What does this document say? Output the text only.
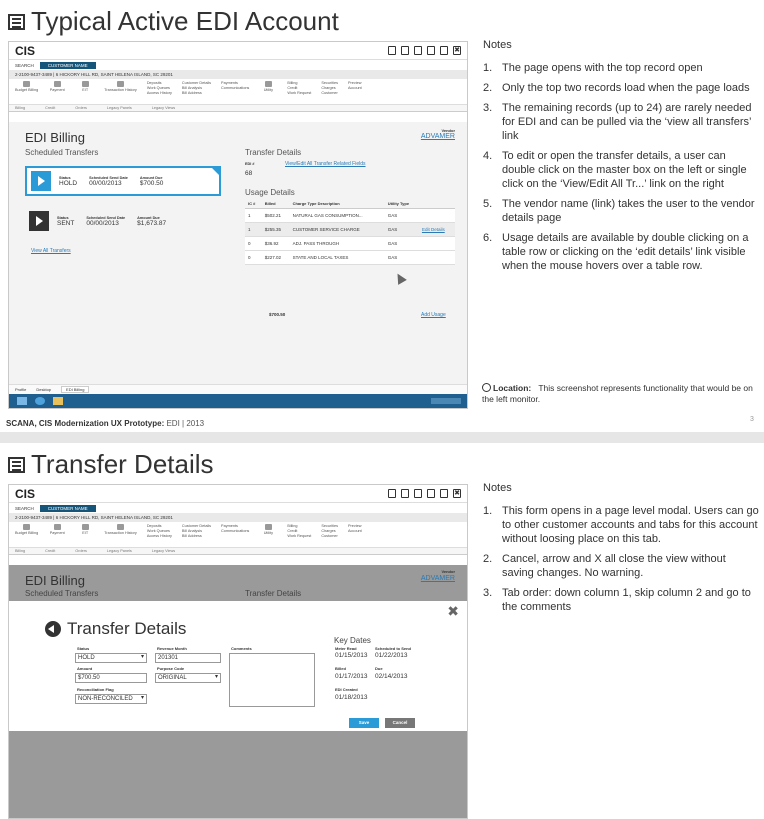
Typical Active EDI Account
CIS	✖
SEARCH	CUSTOMER NAME
2-2100-9437-3489 | 6 HICKORY HILL RD, SAINT HELENA ISLAND, SC 29201
Budget Billing	Payment	EIT	Transaction History
Deposits
Work Queues
Access History
Customer Details
Bill Analysis
Bill Address
Payments
Communications	Utility
Billing
Credit
Work Request
Securities
Charges
Customer
Preview
Account
Billing	Credit	Orders	Legacy Panels	Legacy Views
EDI Billing
Scheduled Transfers
Vendor
ADVAMER
Status
HOLD
Scheduled Send Date
00/00/2013
Amount Due
$700.50
Status
SENT
Scheduled Send Date
00/00/2013
Amount Due
$1,673.87
View All Transfers
Transfer Details
EDI #
68
View/Edit All Transfer Related Fields
Usage Details
IC #	Billed	Charge Type Description	Utility Type	
1	$502.21	NATURAL GAS CONSUMPTION...	GAS	
1	$255.35	CUSTOMER SERVICE CHARGE	GAS	Edit Details
0	$36.92	ADJ. PASS THROUGH	GAS	
0	$227.02	STATE AND LOCAL TAXES	GAS	
$700.50	Add Usage
Profile	Desktop	EDI Billing
Notes
1. The page opens with the top record open
2. Only the top two records load when the page loads
3. The remaining records (up to 24) are rarely needed for EDI and can be pulled via the ‘view all transfers’ link
4. To edit or open the transfer details, a user can double click on the master box on the left or single click on the ‘View/Edit All Tr...’ link on the right
5. The vendor name (link) takes the user to the vendor details page
6. Usage details are available by double clicking on a table row or clicking on the ‘edit details’ link visible when the mouse hovers over a table row.
Location: This screenshot represents functionality that would be on the left monitor.
SCANA, CIS Modernization UX Prototype: EDI | 2013	3
Transfer Details
CIS	✖
SEARCH	CUSTOMER NAME
2-2100-9437-3489 | 6 HICKORY HILL RD, SAINT HELENA ISLAND, SC 29201
Budget Billing	Payment	EIT	Transaction History
Deposits
Work Queues
Access History
Customer Details
Bill Analysis
Bill Address
Payments
Communications	Utility
Billing
Credit
Work Request
Securities
Charges
Customer
Preview
Account
Billing	Credit	Orders	Legacy Panels	Legacy Views
EDI Billing
Scheduled Transfers	Transfer Details
Vendor
ADVAMER
✖
Transfer Details
Status
HOLD ▾
Revenue Month
201301
Amount
$700.50
Purpose Code
ORIGINAL ▾
Reconciliation Flag
NON-RECONCILED ▾
Comments
Key Dates
Meter Read
01/15/2013
Scheduled to Send
01/22/2013
Billed
01/17/2013
Due
02/14/2013
EDI Created
01/18/2013
Save	Cancel
Notes
1. This form opens in a page level modal. Users can go to other customer accounts and tabs for this account without loosing place on this tab.
2. Cancel, arrow and X all close the view without saving changes. No warning.
3. Tab order: down column 1, skip column 2 and go to the comments
